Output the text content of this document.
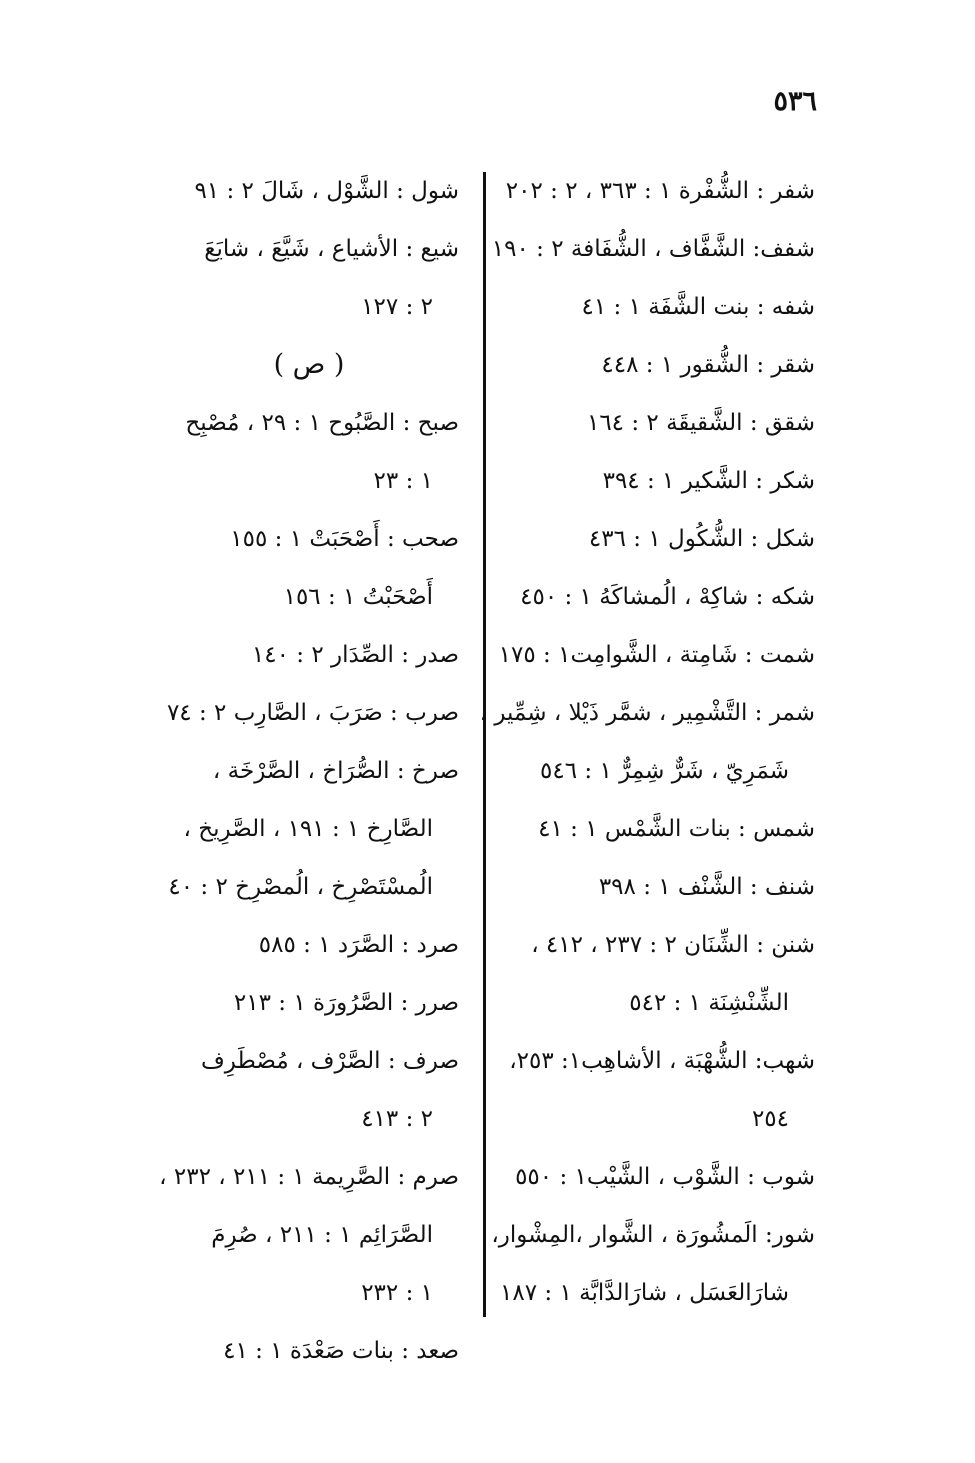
٥٣٦
شفر : الشُّفْرة ١ : ٣٦٣ ، ٢ : ٢٠٢
شفف: الشَّفَّاف ، الشُّفَافة ٢ : ١٩٠
شفه : بنت الشَّفَة ١ : ٤١
شقر : الشُّقور ١ : ٤٤٨
شقق : الشَّقيقَة ٢ : ١٦٤
شكر : الشَّكير ١ : ٣٩٤
شكل : الشُّكُول ١ : ٤٣٦
شكه : شاكِهْ ، الُمشاكَهُ ١ : ٤٥٠
شمت : شَامِتة ، الشَّوامِت١ : ١٧٥
شمر : التَّشْمِير ، شمَّر ذَيْلا ، شِمِّير ،
شَمَرِيّ ، شَرٌّ شِمِرٌّ ١ : ٥٤٦
شمس : بنات الشَّمْس ١ : ٤١
شنف : الشَّنْف ١ : ٣٩٨
شنن : الشِّنَان ٢ : ٢٣٧ ، ٤١٢ ،
الشِّنْشِنَة ١ : ٥٤٢
شهب: الشُّهْبَة ، الأشاهِب١: ٢٥٣،
٢٥٤
شوب : الشَّوْب ، الشَّيْب١ : ٥٥٠
شور: الَمشُورَة ، الشَّوار ،المِشْوار،
شارَالعَسَل ، شارَالدَّابَّة ١ : ١٨٧
شول : الشَّوْل ، شَالَ ٢ : ٩١
شيع : الأشياع ، شَيَّعَ ، شايَعَ
٢ : ١٢٧
( ص )
صبح : الصَّبُوح ١ : ٢٩ ، مُصْبِح
١ : ٢٣
صحب : أَصْحَبَتْ ١ : ١٥٥
أَصْحَبْتُ ١ : ١٥٦
صدر : الصِّدَار ٢ : ١٤٠
صرب : صَرَبَ ، الصَّارِب ٢ : ٧٤
صرخ : الصُّرَاخ ، الصَّرْخَة ،
الصَّارِخ ١ : ١٩١ ، الصَّرِيخ ،
الُمسْتَصْرِخ ، الُمصْرِخ ٢ : ٤٠
صرد : الصَّرَد ١ : ٥٨٥
صرر : الصَّرُورَة ١ : ٢١٣
صرف : الصَّرْف ، مُصْطَرِف
٢ : ٤١٣
صرم : الصَّرِيمة ١ : ٢١١ ، ٢٣٢ ،
الصَّرَائِم ١ : ٢١١ ، صُرِمَ
١ : ٢٣٢
صعد : بنات صَعْدَة ١ : ٤١
